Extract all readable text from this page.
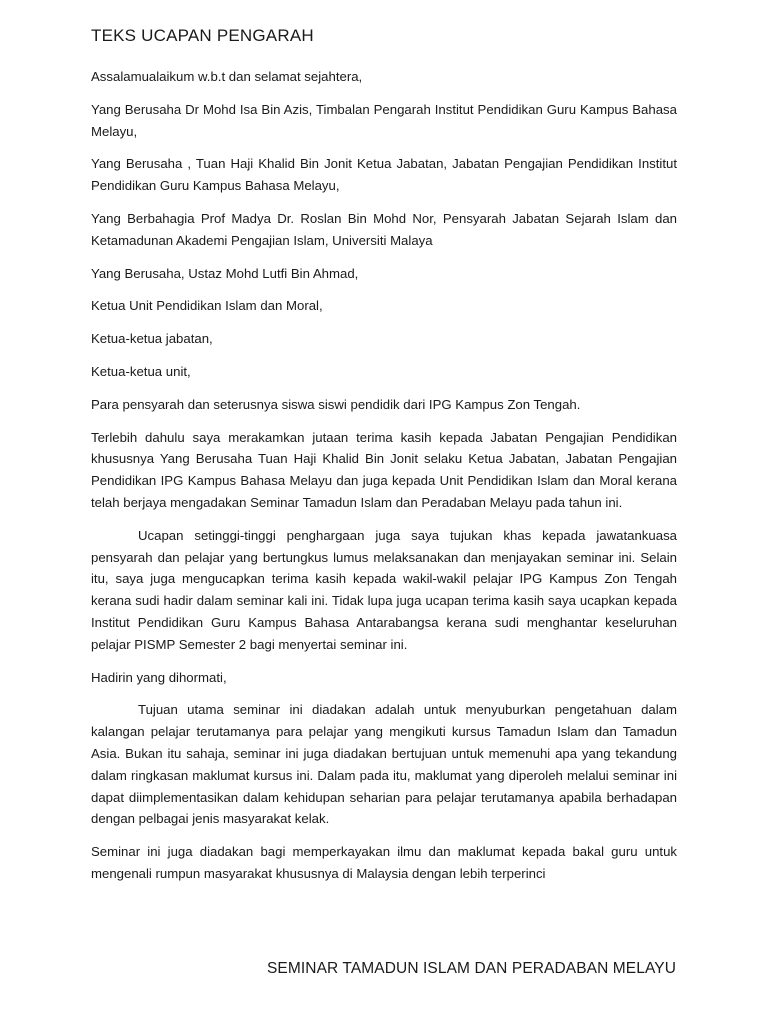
TEKS UCAPAN PENGARAH

Assalamualaikum w.b.t dan selamat sejahtera,

Yang Berusaha Dr Mohd Isa Bin Azis, Timbalan Pengarah Institut Pendidikan Guru Kampus Bahasa Melayu,

Yang Berusaha , Tuan Haji Khalid Bin Jonit Ketua Jabatan, Jabatan Pengajian Pendidikan Institut Pendidikan Guru Kampus Bahasa Melayu,

Yang Berbahagia Prof Madya Dr. Roslan Bin Mohd Nor, Pensyarah Jabatan Sejarah Islam dan Ketamadunan Akademi Pengajian Islam, Universiti Malaya

Yang Berusaha, Ustaz Mohd Lutfi Bin Ahmad,

Ketua Unit Pendidikan Islam dan Moral,

Ketua-ketua jabatan,

Ketua-ketua unit,

Para pensyarah dan seterusnya siswa siswi pendidik dari IPG Kampus Zon Tengah.

Terlebih dahulu saya merakamkan jutaan terima kasih kepada Jabatan Pengajian Pendidikan khususnya Yang Berusaha Tuan Haji Khalid Bin Jonit selaku Ketua Jabatan, Jabatan Pengajian Pendidikan IPG Kampus Bahasa Melayu dan juga kepada Unit Pendidikan Islam dan Moral kerana telah berjaya mengadakan Seminar Tamadun Islam dan Peradaban Melayu pada tahun ini.

Ucapan setinggi-tinggi penghargaan juga saya tujukan khas kepada jawatankuasa pensyarah dan pelajar yang bertungkus lumus melaksanakan dan menjayakan seminar ini. Selain itu, saya juga mengucapkan terima kasih kepada wakil-wakil pelajar IPG Kampus Zon Tengah kerana sudi hadir dalam seminar kali ini. Tidak lupa juga ucapan terima kasih saya ucapkan kepada Institut Pendidikan Guru Kampus Bahasa Antarabangsa kerana sudi menghantar keseluruhan pelajar PISMP Semester 2 bagi menyertai seminar ini.

Hadirin yang dihormati,

Tujuan utama seminar ini diadakan adalah untuk menyuburkan pengetahuan dalam kalangan pelajar terutamanya para pelajar yang mengikuti kursus Tamadun Islam dan Tamadun Asia. Bukan itu sahaja, seminar ini juga diadakan bertujuan untuk memenuhi apa yang tekandung dalam ringkasan maklumat kursus ini. Dalam pada itu, maklumat yang diperoleh melalui seminar ini dapat diimplementasikan dalam kehidupan seharian para pelajar terutamanya apabila berhadapan dengan pelbagai jenis masyarakat kelak.

Seminar ini juga diadakan bagi memperkayakan ilmu dan maklumat kepada bakal guru untuk mengenali rumpun masyarakat khususnya di Malaysia dengan lebih terperinci

SEMINAR TAMADUN ISLAM DAN PERADABAN MELAYU
